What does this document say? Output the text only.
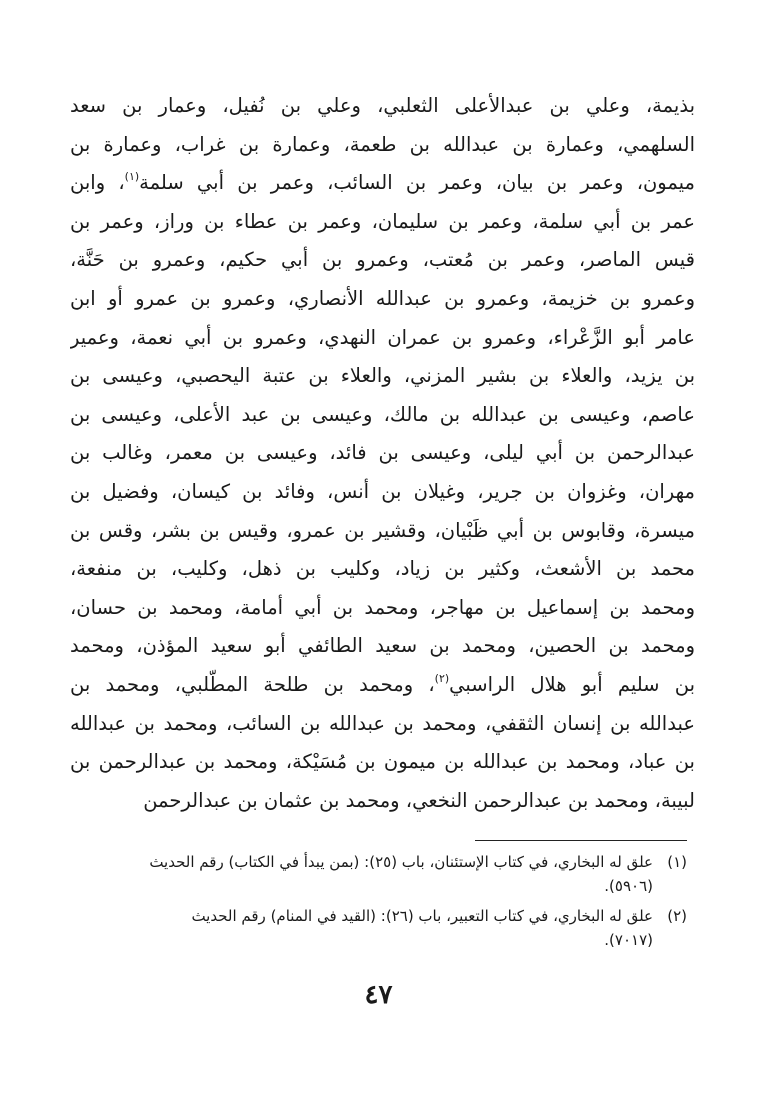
بذيمة، وعلي بن عبدالأعلى الثعلبي، وعلي بن نُفيل، وعمار بن سعد
السلهمي، وعمارة بن عبدالله بن طعمة، وعمارة بن غراب، وعمارة بن
ميمون، وعمر بن بيان، وعمر بن السائب، وعمر بن أبي سلمة$^{(١)}$، وابن
عمر بن أبي سلمة، وعمر بن سليمان، وعمر بن عطاء بن وراز، وعمر بن
قيس الماصر، وعمر بن مُعتب، وعمرو بن أبي حكيم، وعمرو بن حَنَّة،
وعمرو بن خزيمة، وعمرو بن عبدالله الأنصاري، وعمرو بن عمرو أو ابن
عامر أبو الزَّعْراء، وعمرو بن عمران النهدي، وعمرو بن أبي نعمة، وعمير
بن يزيد، والعلاء بن بشير المزني، والعلاء بن عتبة اليحصبي، وعيسى بن
عاصم، وعيسى بن عبدالله بن مالك، وعيسى بن عبد الأعلى، وعيسى بن
عبدالرحمن بن أبي ليلى، وعيسى بن فائد، وعيسى بن معمر، وغالب بن
مهران، وغزوان بن جرير، وغيلان بن أنس، وفائد بن كيسان، وفضيل بن
ميسرة، وقابوس بن أبي ظَبْيان، وقشير بن عمرو، وقيس بن بشر، وقس بن
محمد بن الأشعث، وكثير بن زياد، وكليب بن ذهل، وكليب، بن منفعة،
ومحمد بن إسماعيل بن مهاجر، ومحمد بن أبي أمامة، ومحمد بن حسان،
ومحمد بن الحصين، ومحمد بن سعيد الطائفي أبو سعيد المؤذن، ومحمد
بن سليم أبو هلال الراسبي$^{(٢)}$، ومحمد بن طلحة المطّلبي، ومحمد بن
عبدالله بن إنسان الثقفي، ومحمد بن عبدالله بن السائب، ومحمد بن عبدالله
بن عباد، ومحمد بن عبدالله بن ميمون بن مُسَيْكة، ومحمد بن عبدالرحمن بن
لبيبة، ومحمد بن عبدالرحمن النخعي، ومحمد بن عثمان بن عبدالرحمن
(١)علق له البخاري، في كتاب الإستئنان، باب (٢٥): (بمن يبدأ في الكتاب) رقم الحديث
(٥٩٠٦).
(٢)علق له البخاري، في كتاب التعبير، باب (٢٦): (القيد في المنام) رقم الحديث
(٧٠١٧).
٤٧
